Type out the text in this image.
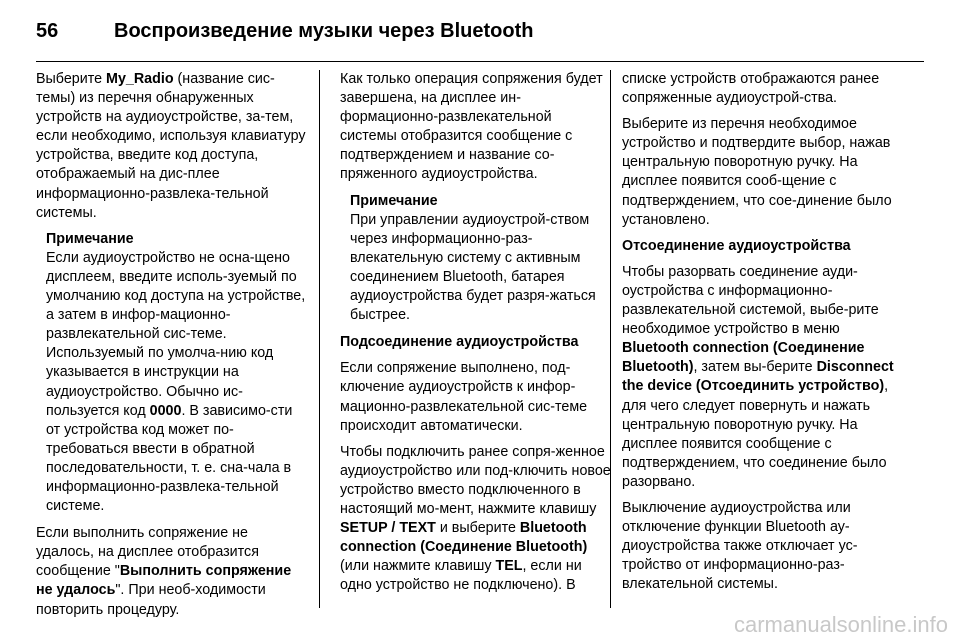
56	Воспроизведение музыки через Bluetooth

Выберите My_Radio (название сис-темы) из перечня обнаруженных устройств на аудиоустройстве, за-тем, если необходимо, используя клавиатуру устройства, введите код доступа, отображаемый на дис-плее информационно-развлека-тельной системы.

Примечание

Если аудиоустройство не осна-щено дисплеем, введите исполь-зуемый по умолчанию код доступа на устройстве, а затем в инфор-мационно-развлекательной сис-теме. Используемый по умолча-нию код указывается в инструкции на аудиоустройство. Обычно ис-пользуется код 0000. В зависимо-сти от устройства код может по-требоваться ввести в обратной последовательности, т. е. сна-чала в информационно-развлека-тельной системе.

Если выполнить сопряжение не удалось, на дисплее отобразится сообщение "Выполнить сопряжение не удалось". При необ-ходимости повторить процедуру.

Как только операция сопряжения будет завершена, на дисплее ин-формационно-развлекательной системы отобразится сообщение с подтверждением и название со-пряженного аудиоустройства.

Примечание

При управлении аудиоустрой-ством через информационно-раз-влекательную систему с активным соединением Bluetooth, батарея аудиоустройства будет разря-жаться быстрее.

Подсоединение аудиоустройства

Если сопряжение выполнено, под-ключение аудиоустройств к инфор-мационно-развлекательной сис-теме происходит автоматически.

Чтобы подключить ранее сопря-женное аудиоустройство или под-ключить новое устройство вместо подключенного в настоящий мо-мент, нажмите клавишу SETUP / TEXT и выберите Bluetooth connection (Соединение Bluetooth) (или нажмите клавишу TEL, если ни одно устройство не подключено). В

списке устройств отображаются ранее сопряженные аудиоустрой-ства.

Выберите из перечня необходимое устройство и подтвердите выбор, нажав центральную поворотную ручку. На дисплее появится сооб-щение с подтверждением, что сое-динение было установлено.

Отсоединение аудиоустройства

Чтобы разорвать соединение ауди-оустройства с информационно-развлекательной системой, выбе-рите необходимое устройство в меню Bluetooth connection (Соединение Bluetooth), затем вы-берите Disconnect the device (Отсоединить устройство), для чего следует повернуть и нажать центральную поворотную ручку. На дисплее появится сообщение с подтверждением, что соединение было разорвано.

Выключение аудиоустройства или отключение функции Bluetooth ау-диоустройства также отключает ус-тройство от информационно-раз-влекательной системы.

carmanualsonline.info
